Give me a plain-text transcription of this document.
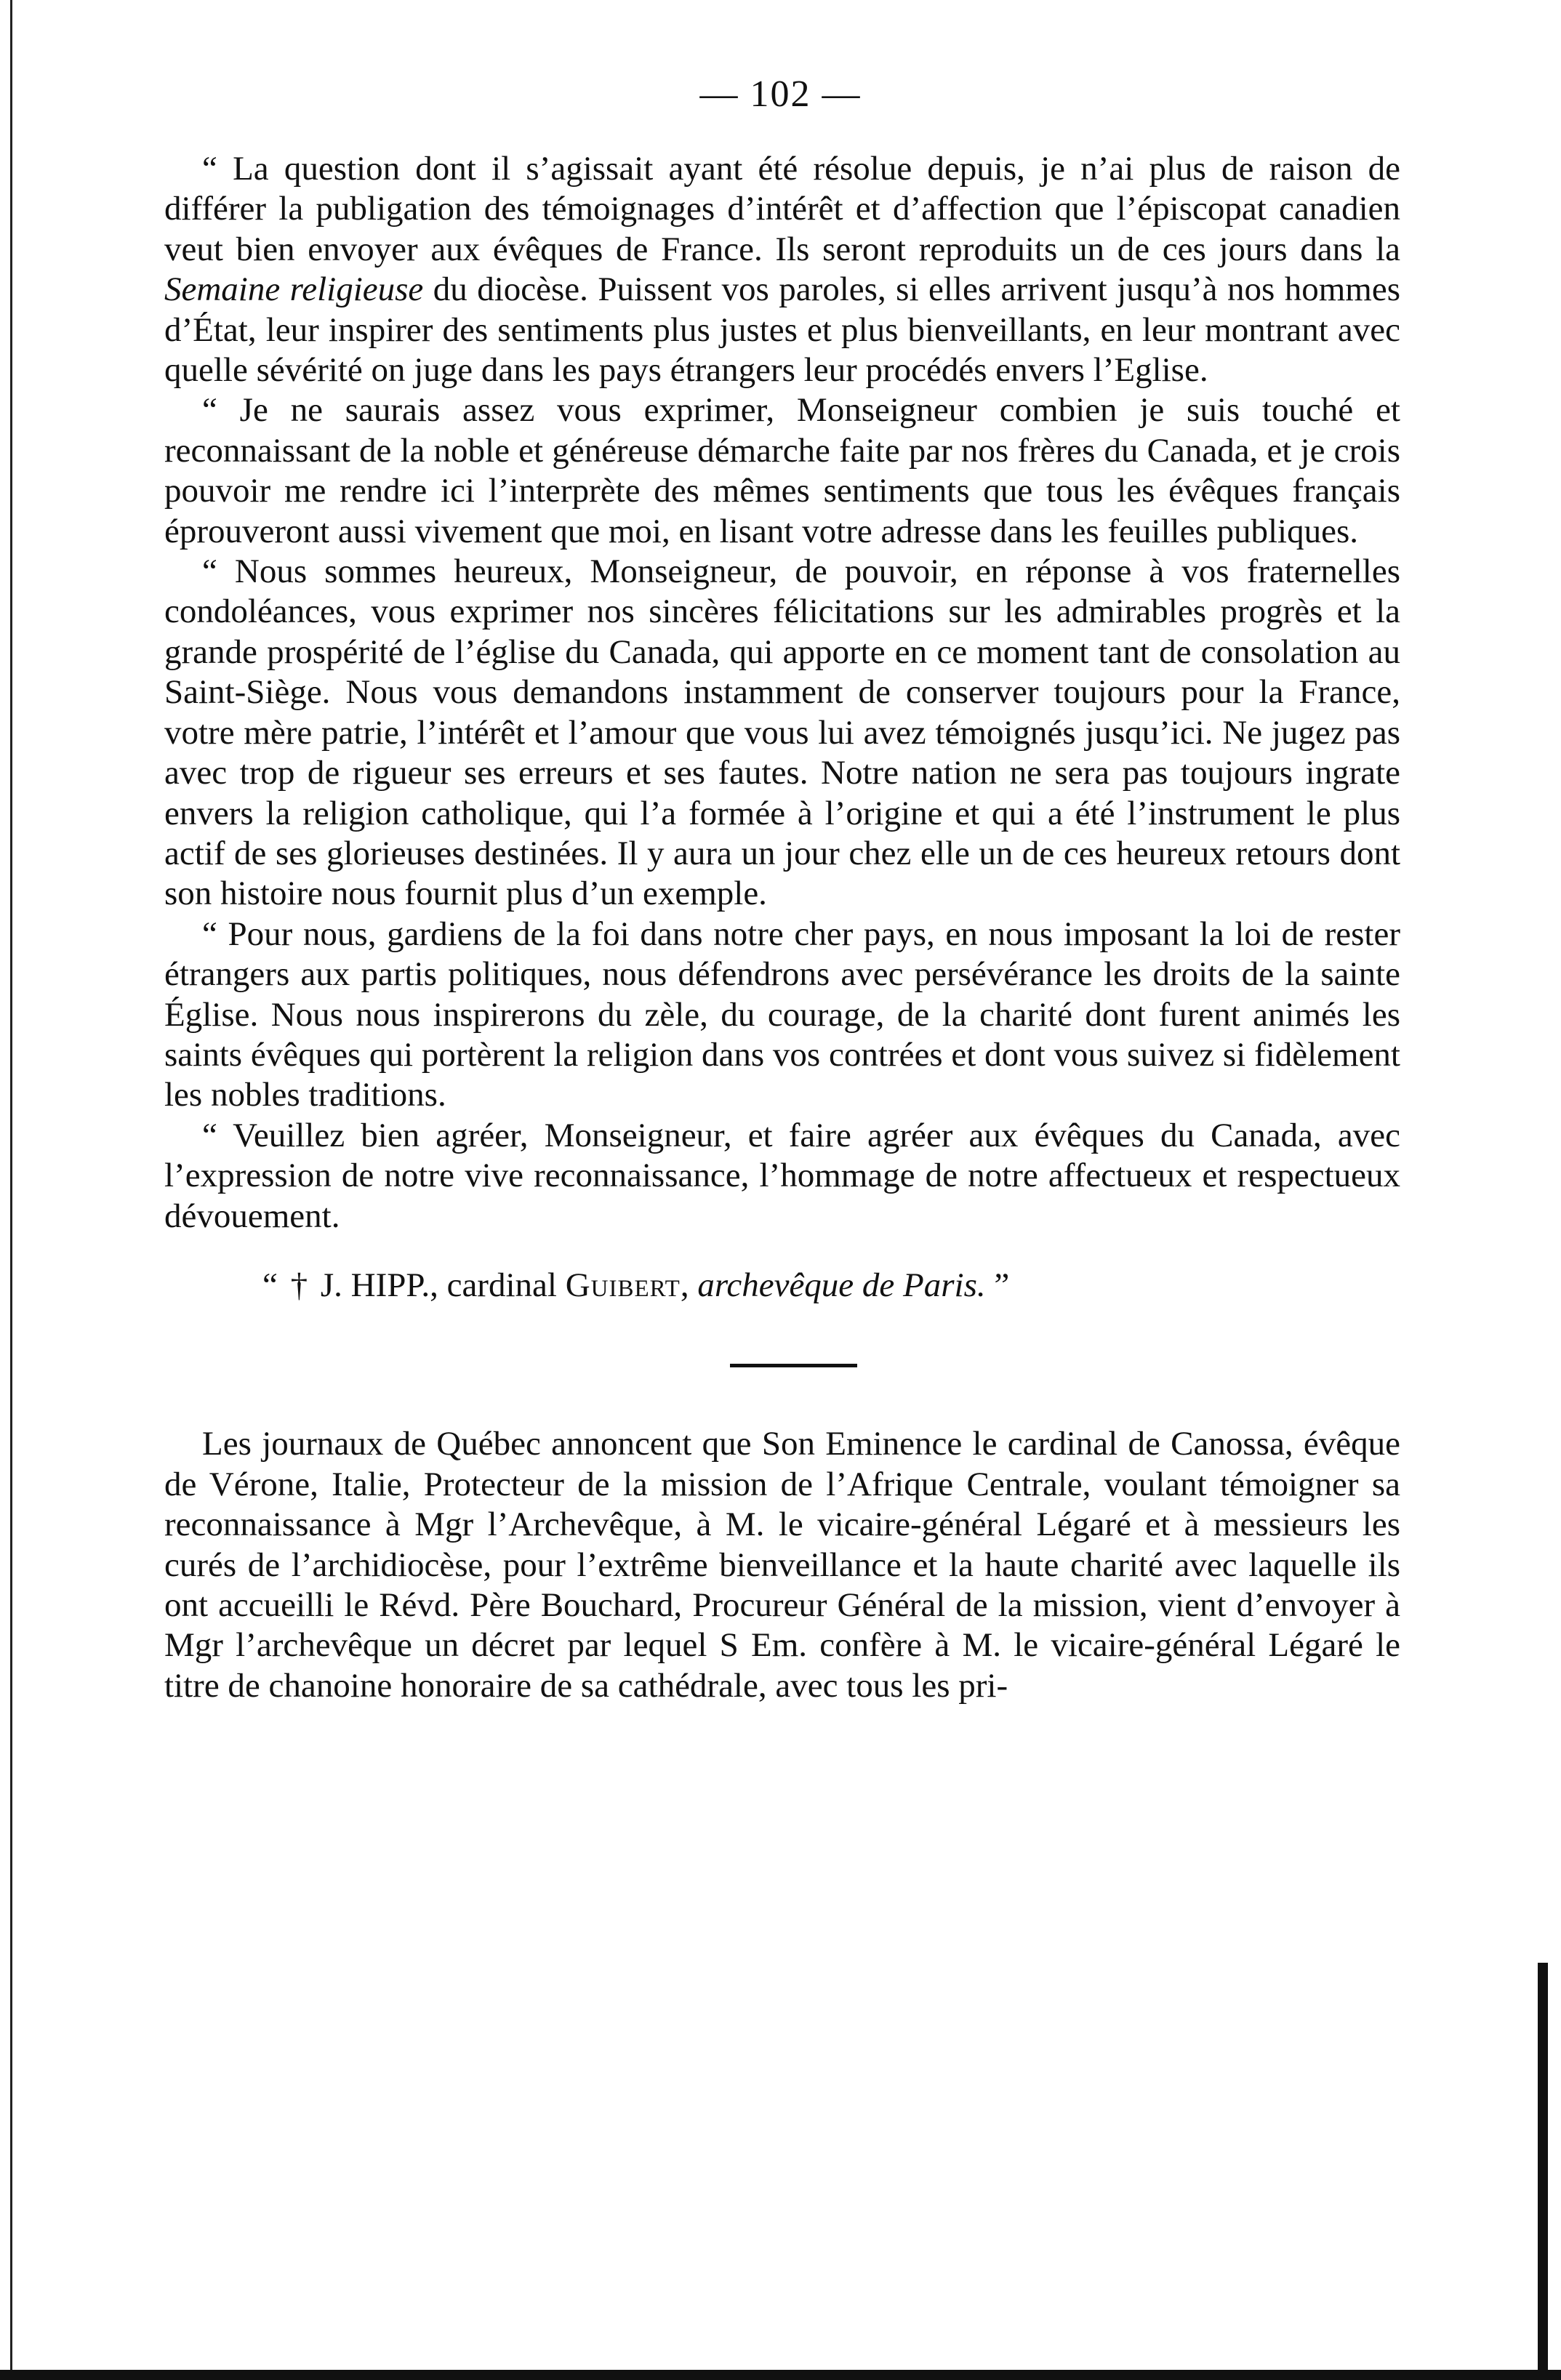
— 102 —

“ La question dont il s’agissait ayant été résolue depuis, je n’ai plus de raison de différer la publigation des témoignages d’intérêt et d’affection que l’épiscopat canadien veut bien envoyer aux évêques de France. Ils seront reproduits un de ces jours dans la Semaine religieuse du diocèse. Puissent vos paroles, si elles arrivent jusqu’à nos hommes d’État, leur inspirer des sentiments plus justes et plus bienveillants, en leur montrant avec quelle sévérité on juge dans les pays étrangers leur procédés envers l’Eglise.

“ Je ne saurais assez vous exprimer, Monseigneur combien je suis touché et reconnaissant de la noble et généreuse démarche faite par nos frères du Canada, et je crois pouvoir me rendre ici l’interprète des mêmes sentiments que tous les évêques français éprouveront aussi vivement que moi, en lisant votre adresse dans les feuilles publiques.

“ Nous sommes heureux, Monseigneur, de pouvoir, en réponse à vos fraternelles condoléances, vous exprimer nos sincères félicitations sur les admirables progrès et la grande prospérité de l’église du Canada, qui apporte en ce moment tant de consolation au Saint-Siège. Nous vous demandons instamment de conserver toujours pour la France, votre mère patrie, l’intérêt et l’amour que vous lui avez témoignés jusqu’ici. Ne jugez pas avec trop de rigueur ses erreurs et ses fautes. Notre nation ne sera pas toujours ingrate envers la religion catholique, qui l’a formée à l’origine et qui a été l’instrument le plus actif de ses glorieuses destinées. Il y aura un jour chez elle un de ces heureux retours dont son histoire nous fournit plus d’un exemple.

“ Pour nous, gardiens de la foi dans notre cher pays, en nous imposant la loi de rester étrangers aux partis politiques, nous défendrons avec persévérance les droits de la sainte Église. Nous nous inspirerons du zèle, du courage, de la charité dont furent animés les saints évêques qui portèrent la religion dans vos contrées et dont vous suivez si fidèlement les nobles traditions.

“ Veuillez bien agréer, Monseigneur, et faire agréer aux évêques du Canada, avec l’expression de notre vive reconnaissance, l’hommage de notre affectueux et respectueux dévouement.

“ † J. HIPP., cardinal Guibert, archevêque de Paris. ”

Les journaux de Québec annoncent que Son Eminence le cardinal de Canossa, évêque de Vérone, Italie, Protecteur de la mission de l’Afrique Centrale, voulant témoigner sa reconnaissance à Mgr l’Archevêque, à M. le vicaire-général Légaré et à messieurs les curés de l’archidiocèse, pour l’extrême bienveillance et la haute charité avec laquelle ils ont accueilli le Révd. Père Bouchard, Procureur Général de la mission, vient d’envoyer à Mgr l’archevêque un décret par lequel S Em. confère à M. le vicaire-général Légaré le titre de chanoine honoraire de sa cathédrale, avec tous les pri-
